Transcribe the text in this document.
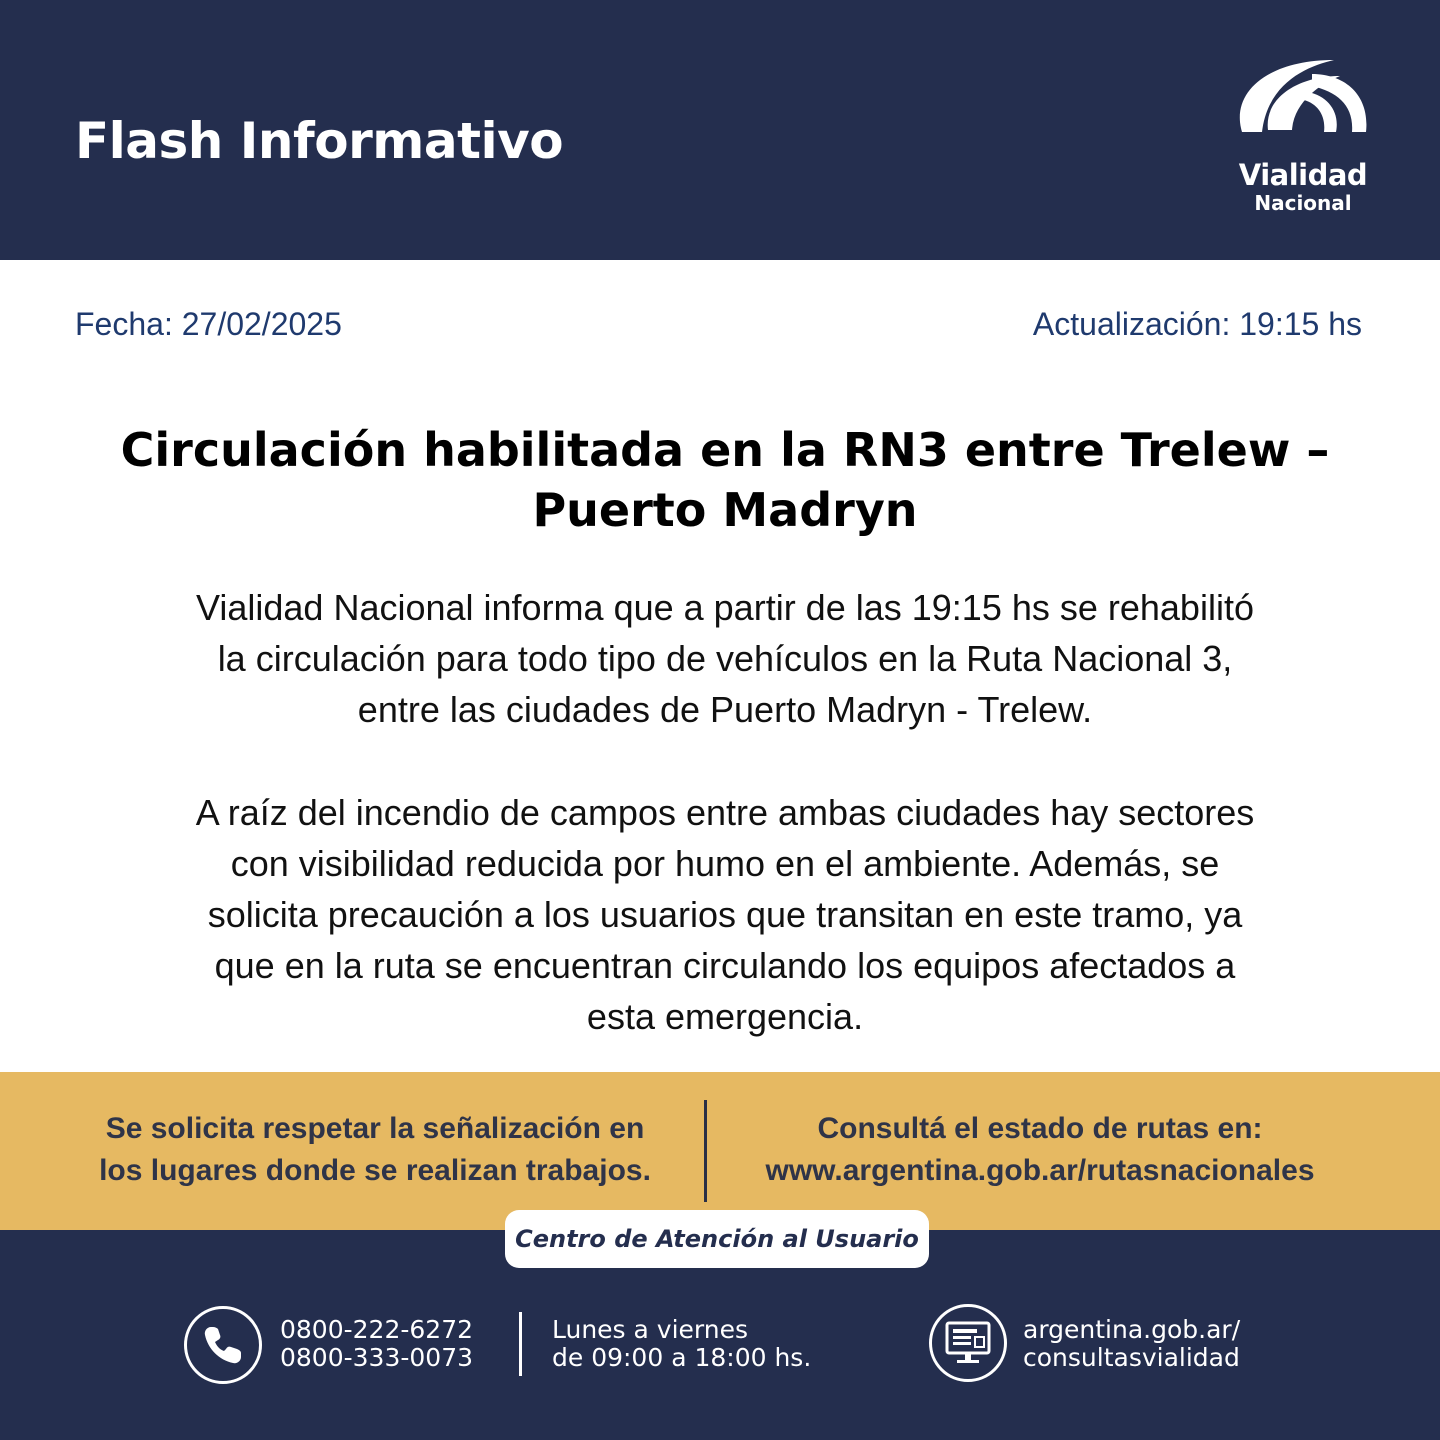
Flash Informativo
Vialidad
Nacional
Fecha: 27/02/2025	Actualización: 19:15 hs
Circulación habilitada en la RN3 entre Trelew –
Puerto Madryn
Vialidad Nacional informa que a partir de las 19:15 hs se rehabilitó
la circulación para todo tipo de vehículos en la Ruta Nacional 3,
entre las ciudades de Puerto Madryn - Trelew.
A raíz del incendio de campos entre ambas ciudades hay sectores
con visibilidad reducida por humo en el ambiente. Además, se
solicita precaución a los usuarios que transitan en este tramo, ya
que en la ruta se encuentran circulando los equipos afectados a
esta emergencia.
Se solicita respetar la señalización en
los lugares donde se realizan trabajos.
Consultá el estado de rutas en:
www.argentina.gob.ar/rutasnacionales
Centro de Atención al Usuario
0800-222-6272
0800-333-0073
Lunes a viernes
de 09:00 a 18:00 hs.
argentina.gob.ar/
consultasvialidad
